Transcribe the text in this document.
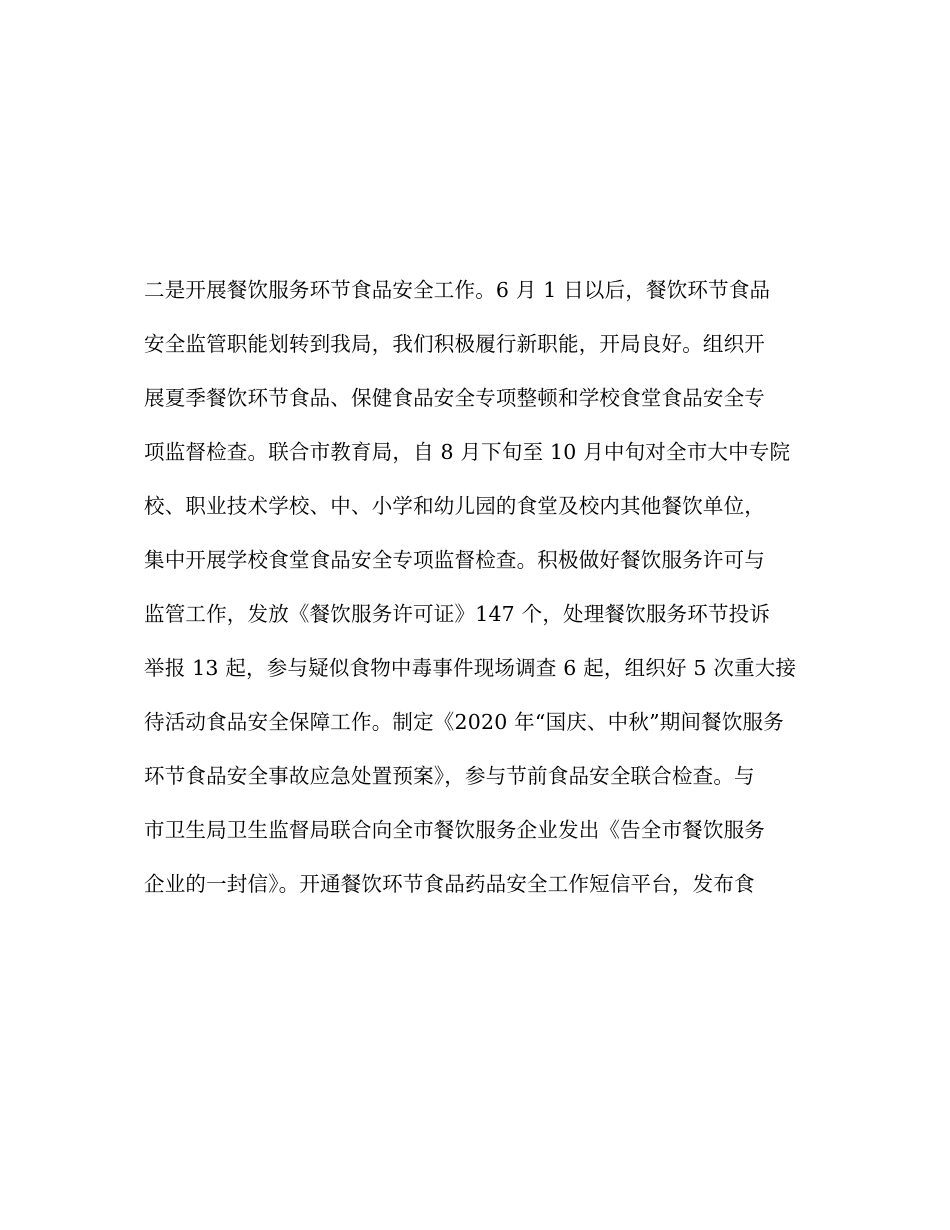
二是开展餐饮服务环节食品安全工作。6 月 1 日以后，餐饮环节食品
安全监管职能划转到我局，我们积极履行新职能，开局良好。组织开
展夏季餐饮环节食品、保健食品安全专项整顿和学校食堂食品安全专
项监督检查。联合市教育局，自 8 月下旬至 10 月中旬对全市大中专院
校、职业技术学校、中、小学和幼儿园的食堂及校内其他餐饮单位，
集中开展学校食堂食品安全专项监督检查。积极做好餐饮服务许可与
监管工作，发放《餐饮服务许可证》147 个，处理餐饮服务环节投诉
举报 13 起，参与疑似食物中毒事件现场调查 6 起，组织好 5 次重大接
待活动食品安全保障工作。制定《2020 年“国庆、中秋”期间餐饮服务
环节食品安全事故应急处置预案》，参与节前食品安全联合检查。与
市卫生局卫生监督局联合向全市餐饮服务企业发出《告全市餐饮服务
企业的一封信》。开通餐饮环节食品药品安全工作短信平台，发布食
